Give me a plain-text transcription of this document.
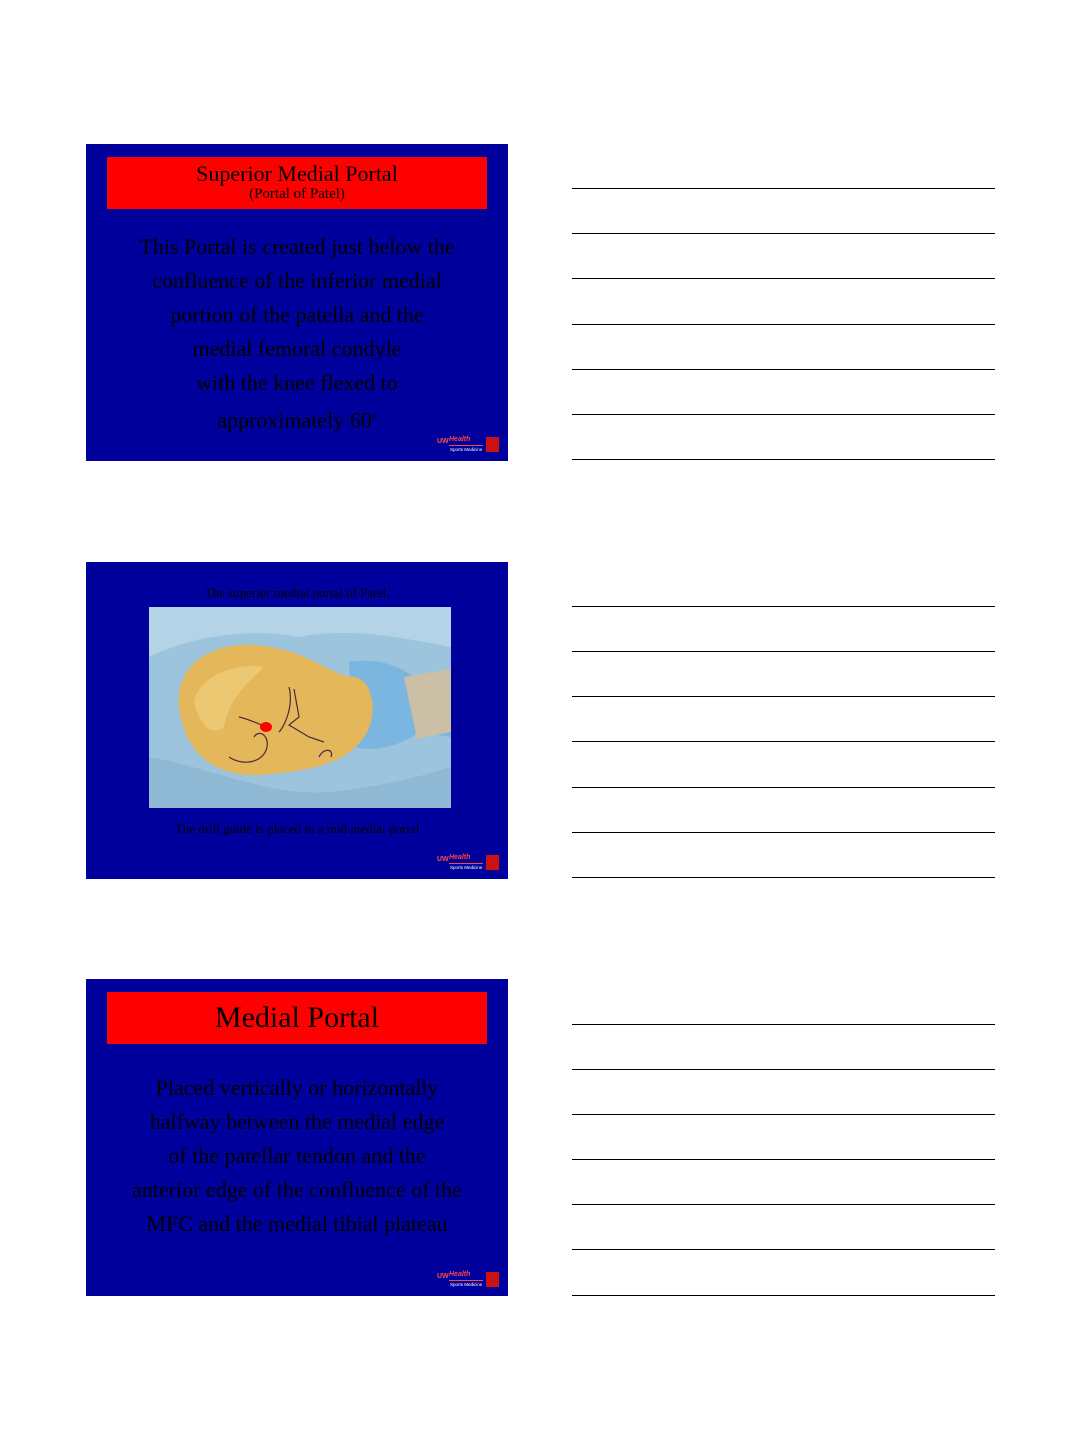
Superior Medial Portal
(Portal of Patel)
This Portal is created just below the
confluence of the inferior medial
portion of the patella and the
medial femoral condyle
with the knee flexed to
approximately 60$^o$
UW Health
Sports Medicine
The superior medial portal of Patel.
The drill guide is placed in a mid medial portal
UW Health
Sports Medicine
Medial Portal
Placed vertically or horizontally
halfway between the medial edge
of the patellar tendon and the
anterior edge of the confluence of the
MFC and the medial tibial plateau
UW Health
Sports Medicine
